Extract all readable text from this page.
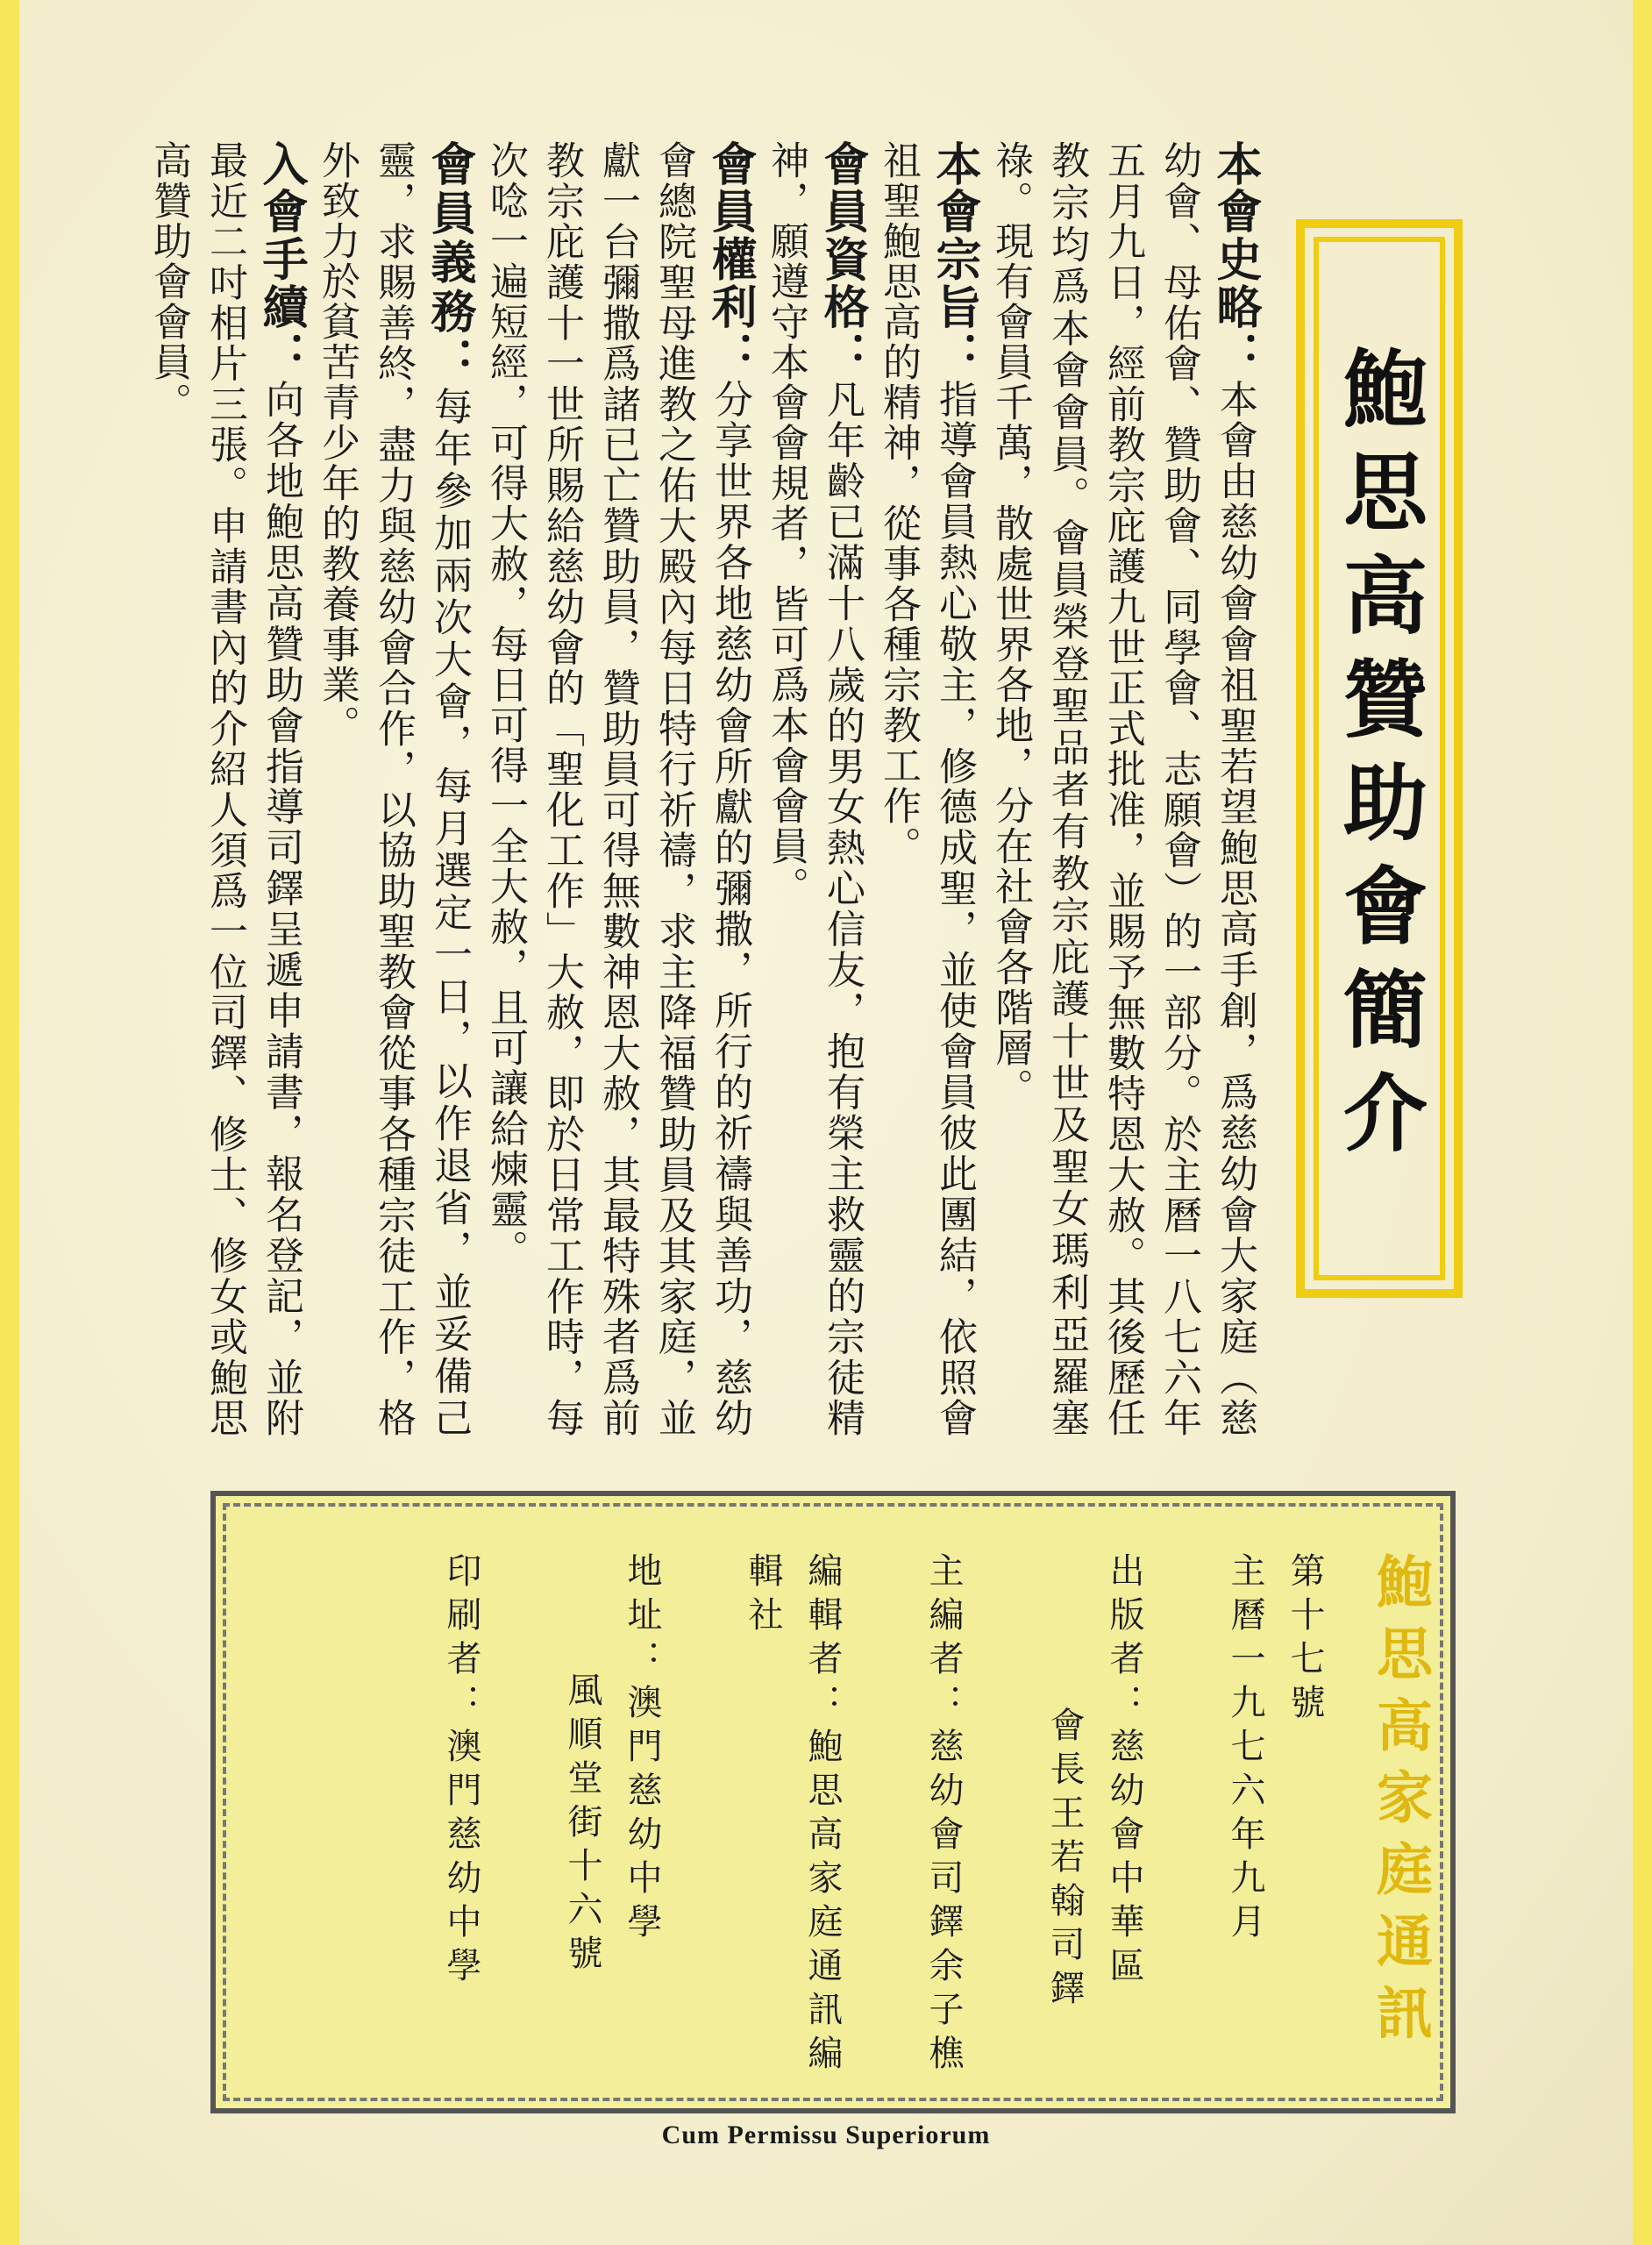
鮑思高贊助會簡介

本會史略：本會由慈幼會會祖聖若望鮑思高手創，爲慈幼會大家庭（慈幼會、母佑會、贊助會、同學會、志願會）的一部分。於主曆一八七六年五月九日，經前教宗庇護九世正式批准，並賜予無數特恩大赦。其後歷任教宗均爲本會會員。會員榮登聖品者有教宗庇護十世及聖女瑪利亞羅塞祿。現有會員千萬，散處世界各地，分在社會各階層。

本會宗旨：指導會員熱心敬主，修德成聖，並使會員彼此團結，依照會祖聖鮑思高的精神，從事各種宗教工作。

會員資格：凡年齡已滿十八歲的男女熱心信友，抱有榮主救靈的宗徒精神，願遵守本會會規者，皆可爲本會會員。

會員權利：分享世界各地慈幼會所獻的彌撒，所行的祈禱與善功，慈幼會總院聖母進教之佑大殿內每日特行祈禱，求主降福贊助員及其家庭，並獻一台彌撒爲諸已亡贊助員，贊助員可得無數神恩大赦，其最特殊者爲前教宗庇護十一世所賜給慈幼會的「聖化工作」大赦，即於日常工作時，每次唸一遍短經，可得大赦，每日可得一全大赦，且可讓給煉靈。

會員義務：每年參加兩次大會，每月選定一日，以作退省，並妥備己靈，求賜善終，盡力與慈幼會合作，以協助聖教會從事各種宗徒工作，格外致力於貧苦青少年的教養事業。

入會手續：向各地鮑思高贊助會指導司鐸呈遞申請書，報名登記，並附最近二吋相片三張。申請書內的介紹人須爲一位司鐸、修士、修女或鮑思高贊助會會員。

鮑思高家庭通訊
第十七號
主曆一九七六年九月
出版者：慈幼會中華區
會長王若翰司鐸
主編者：慈幼會司鐸余子樵
編輯者：鮑思高家庭通訊編輯社
地址：澳門慈幼中學
風順堂街十六號
印刷者：澳門慈幼中學
Cum Permissu Superiorum
